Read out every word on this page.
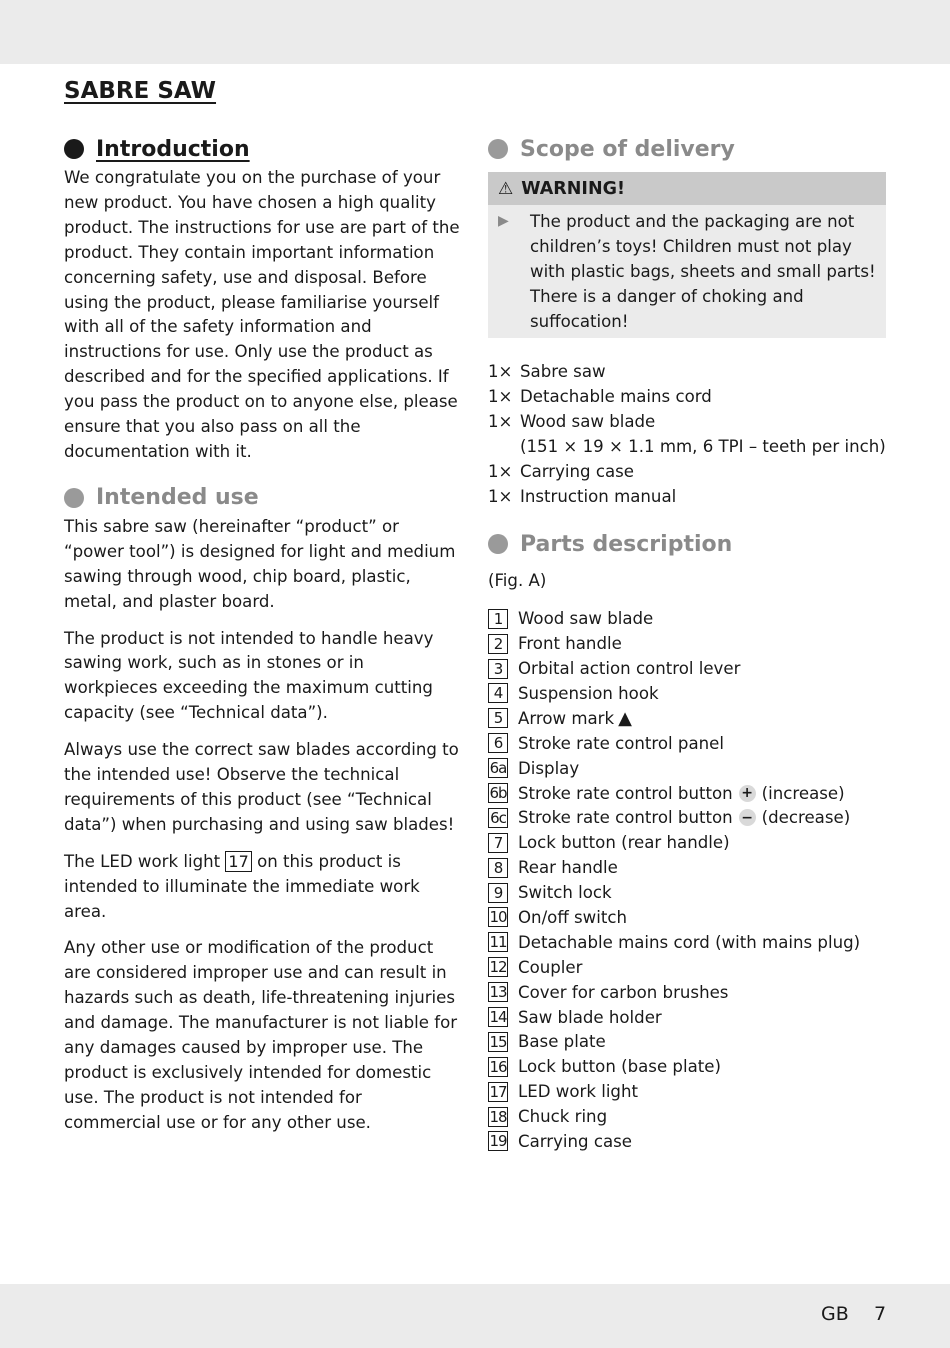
SABRE SAW
Introduction

We congratulate you on the purchase of your new product. You have chosen a high quality product. The instructions for use are part of the product. They contain important information concerning safety, use and disposal. Before using the product, please familiarise yourself with all of the safety information and instructions for use. Only use the product as described and for the specified applications. If you pass the product on to anyone else, please ensure that you also pass on all the documentation with it.

Intended use

This sabre saw (hereinafter “product” or “power tool”) is designed for light and medium sawing through wood, chip board, plastic, metal, and plaster board.

The product is not intended to handle heavy sawing work, such as in stones or in workpieces exceeding the maximum cutting capacity (see “Technical data”).

Always use the correct saw blades according to the intended use! Observe the technical requirements of this product (see “Technical data”) when purchasing and using saw blades!

The LED work light 17 on this product is intended to illuminate the immediate work area.

Any other use or modification of the product are considered improper use and can result in hazards such as death, life-threatening injuries and damage. The manufacturer is not liable for any damages caused by improper use. The product is exclusively intended for domestic use. The product is not intended for commercial use or for any other use.

Scope of delivery
⚠ WARNING!
▶	The product and the packaging are not children’s toys! Children must not play with plastic bags, sheets and small parts! There is a danger of choking and suffocation!
1× Sabre saw
1× Detachable mains cord
1× Wood saw blade
(151 × 19 × 1.1 mm, 6 TPI – teeth per inch)
1× Carrying case
1× Instruction manual
Parts description
(Fig. A)
1 Wood saw blade
2 Front handle
3 Orbital action control lever
4 Suspension hook
5 Arrow mark ▲
6 Stroke rate control panel
6a Display
6b Stroke rate control button + (increase)
6c Stroke rate control button − (decrease)
7 Lock button (rear handle)
8 Rear handle
9 Switch lock
10 On/off switch
11 Detachable mains cord (with mains plug)
12 Coupler
13 Cover for carbon brushes
14 Saw blade holder
15 Base plate
16 Lock button (base plate)
17 LED work light
18 Chuck ring
19 Carrying case
GB 7
